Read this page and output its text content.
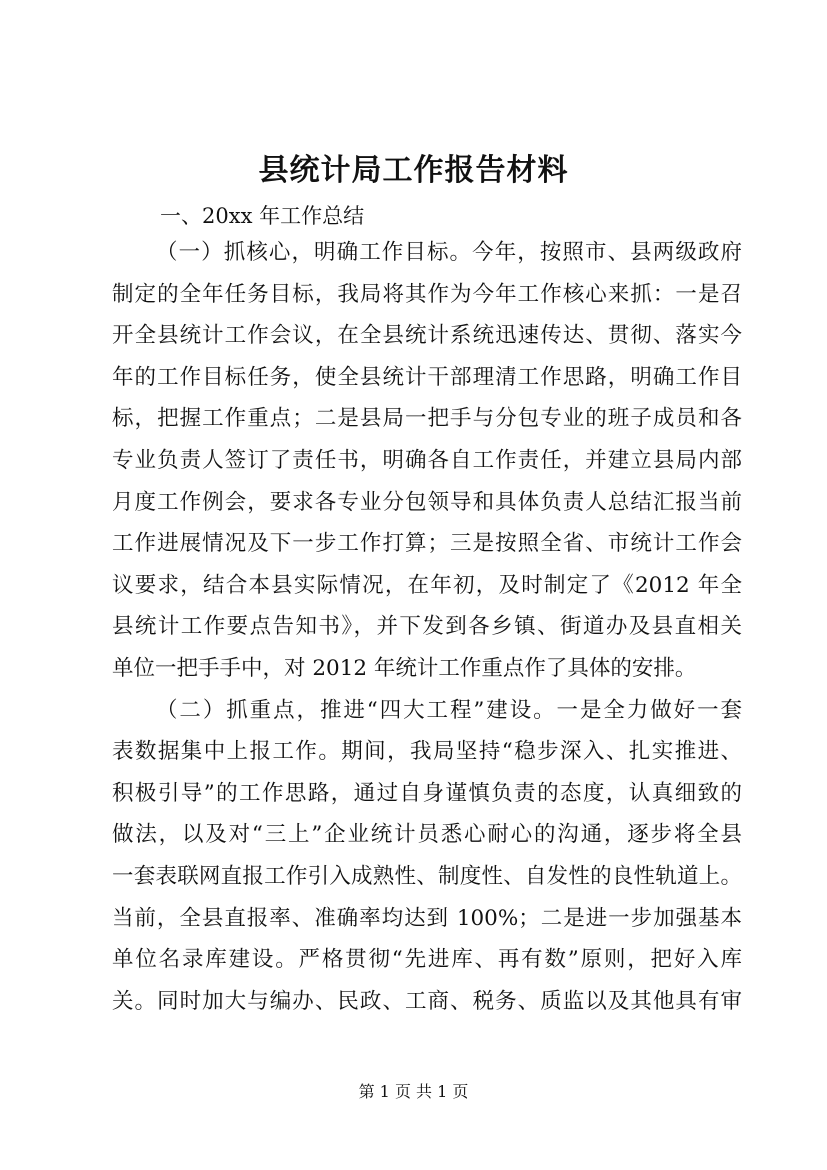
县统计局工作报告材料

一、20xx 年工作总结

（一）抓核心，明确工作目标。今年，按照市、县两级政府
制定的全年任务目标，我局将其作为今年工作核心来抓：一是召
开全县统计工作会议，在全县统计系统迅速传达、贯彻、落实今
年的工作目标任务，使全县统计干部理清工作思路，明确工作目
标，把握工作重点；二是县局一把手与分包专业的班子成员和各
专业负责人签订了责任书，明确各自工作责任，并建立县局内部
月度工作例会，要求各专业分包领导和具体负责人总结汇报当前
工作进展情况及下一步工作打算；三是按照全省、市统计工作会
议要求，结合本县实际情况，在年初，及时制定了《2012 年全
县统计工作要点告知书》，并下发到各乡镇、街道办及县直相关
单位一把手手中，对 2012 年统计工作重点作了具体的安排。
（二）抓重点，推进“四大工程”建设。一是全力做好一套
表数据集中上报工作。期间，我局坚持“稳步深入、扎实推进、
积极引导”的工作思路，通过自身谨慎负责的态度，认真细致的
做法，以及对“三上”企业统计员悉心耐心的沟通，逐步将全县
一套表联网直报工作引入成熟性、制度性、自发性的良性轨道上。
当前，全县直报率、准确率均达到 100%；二是进一步加强基本
单位名录库建设。严格贯彻“先进库、再有数”原则，把好入库
关。同时加大与编办、民政、工商、税务、质监以及其他具有审

第 1 页 共 1 页
